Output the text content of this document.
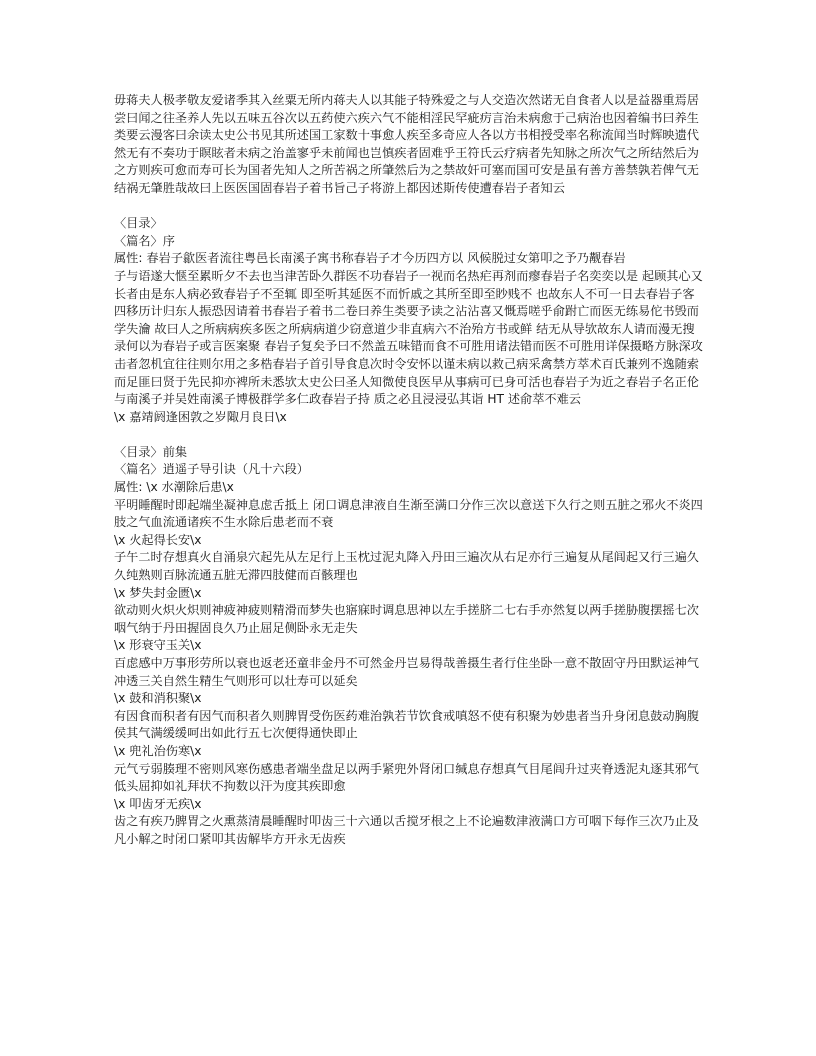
毋蒋夫人极孝敬友爱诸季其入丝粟无所内蒋夫人以其能子特殊爱之与人交造次然诺无自食者人以是益器重焉居尝曰闻之往圣养人先以五味五谷次以五药使六疾六气不能相淫民罕疵疠言治未病愈于己病治也因着编书曰养生类要云漫客曰余读太史公书见其所述国工家数十事愈人疾至多奇应人各以方书相授受率名称流闻当时辉映遗代然无有不奏功于瞑眩者未病之治盖寥乎未前闻也岂慎疾者固难乎王符氏云疗病者先知脉之所次气之所结然后为之方则疾可愈而寿可长为国者先知人之所苦祸之所肇然后为之禁故奸可塞而国可安是虽有善方善禁孰若俾气无结祸无肇胜哉故曰上医医国固春岩子着书旨己子将游上都因述斯传使遭春岩子者知云

〈目录〉
〈篇名〉序
属性: 春岩子歙医者流往粤邑长南溪子寓书称春岩子才今历四方以 风候脱过女第叩之予乃觏春岩
子与语遂大惬至累昕夕不去也当津苦卧久群医不功春岩子一视而名热疟再剂而瘳春岩子名奕奕以是 起顾其心又长者由是东人病必致春岩子不至辄 即至听其延医不而忻戚之其所至即至眇贱不 也故东人不可一日去春岩子客四移历计归东人振恐因请着书春岩子着书二卷曰养生类要予读之沾沾喜又慨焉嗟乎俞跗亡而医无练易佗书毁而学失瀹 故曰人之所病病疾多医之所病病道少窃意道少非直病六不治殆方书或鲜 结无从导欤故东人请而漫无搜录何以为春岩子或言医案聚 春岩子复矣予曰不然盖五味错而食不可胜用诸法错而医不可胜用详保摄略方脉深攻击者忽机宜往往则尔用之多梏春岩子首引导食息次时令安怀以谨未病以救己病采禽禁方萃术百氏兼列不逸随索而足匪曰贤于先民抑亦裨所未悉欤太史公曰圣人知微使良医早从事病可已身可活也春岩子为近之春岩子名正伦与南溪子并吴姓南溪子博极群学多仁政春岩子持 质之必且浸浸弘其诣 HT 述俞萃不难云
\x 嘉靖阏逢困敦之岁陬月良日\x

〈目录〉前集
〈篇名〉逍遥子导引诀（凡十六段）
属性: \x 水潮除后患\x
平明睡醒时即起端坐凝神息虑舌抵上 闭口调息津液自生渐至满口分作三次以意送下久行之则五脏之邪火不炎四肢之气血流通诸疾不生水除后患老而不衰
\x 火起得长安\x
子午二时存想真火自涌泉穴起先从左足行上玉枕过泥丸降入丹田三遍次从右足亦行三遍复从尾闾起又行三遍久久纯熟则百脉流通五脏无滞四肢健而百骸理也
\x 梦失封金匮\x
欲动则火炽火炽则神疲神疲则精滑而梦失也寤寐时调息思神以左手搓脐二七右手亦然复以两手搓胁腹摆摇七次咽气纳于丹田握固良久乃止屈足侧卧永无走失
\x 形衰守玉关\x
百虑感中万事形劳所以衰也返老还童非金丹不可然金丹岂易得哉善摄生者行住坐卧一意不散固守丹田默运神气冲透三关自然生精生气则形可以壮寿可以延矣
\x 鼓和消积聚\x
有因食而积者有因气而积者久则脾胃受伤医药难治孰若节饮食戒嗔怒不使有积聚为妙患者当升身闭息鼓动胸腹侯其气满缓缓呵出如此行五七次便得通快即止
\x 兜礼治伤寒\x
元气亏弱腠理不密则风寒伤感患者端坐盘足以两手紧兜外肾闭口缄息存想真气目尾闾升过夹脊透泥丸逐其邪气低头屈抑如礼拜状不拘数以汗为度其疾即愈
\x 叩齿牙无疾\x
齿之有疾乃脾胃之火熏蒸清晨睡醒时叩齿三十六通以舌搅牙根之上不论遍数津液满口方可咽下每作三次乃止及凡小解之时闭口紧叩其齿解毕方开永无齿疾
